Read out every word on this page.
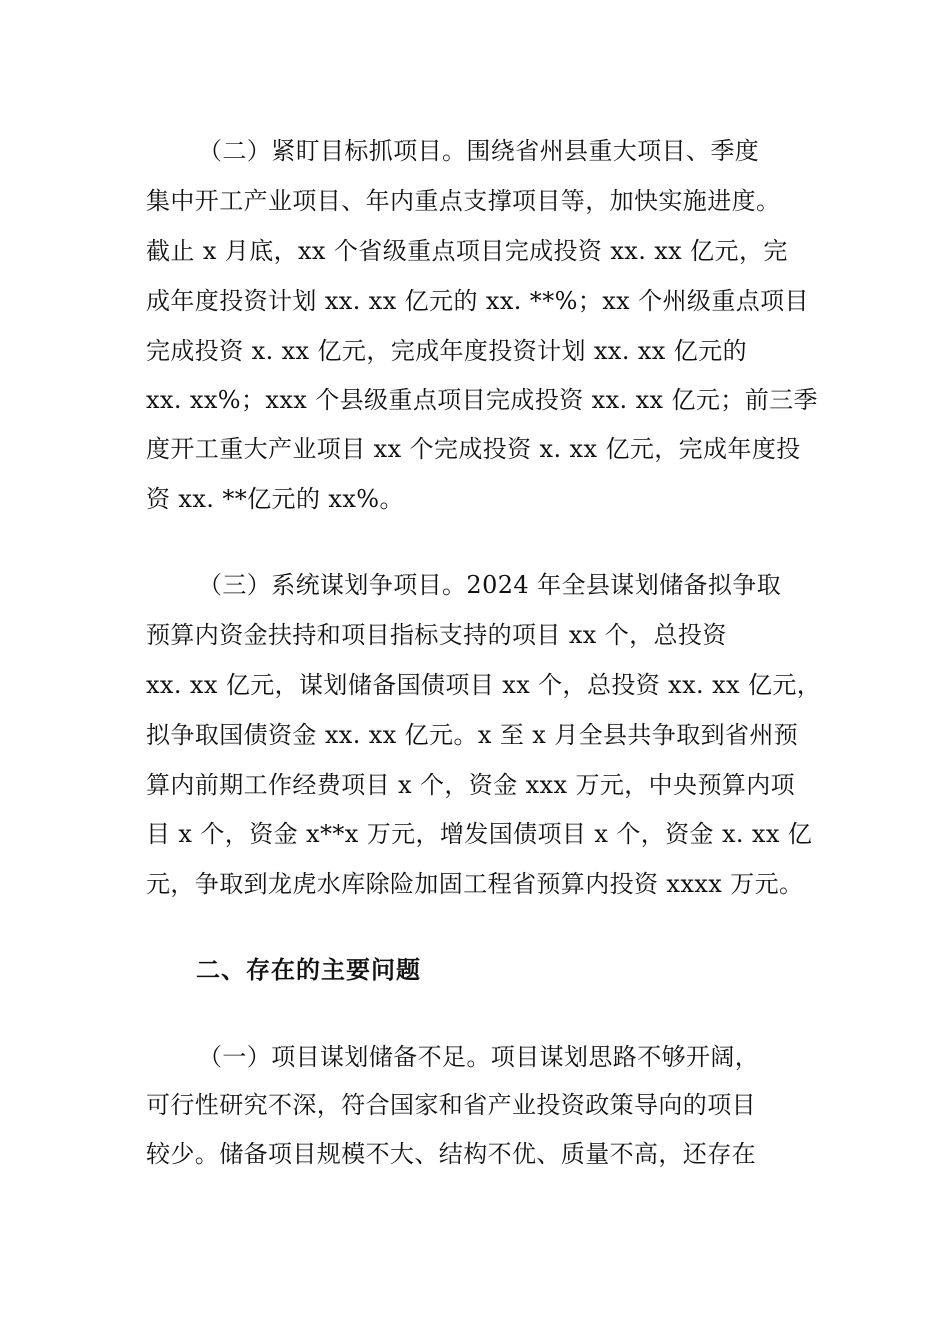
（二）紧盯目标抓项目。围绕省州县重大项目、季度
集中开工产业项目、年内重点支撑项目等，加快实施进度。
截止 x 月底，xx 个省级重点项目完成投资 xx. xx 亿元，完
成年度投资计划 xx. xx 亿元的 xx. **%；xx 个州级重点项目
完成投资 x. xx 亿元，完成年度投资计划 xx. xx 亿元的
xx. xx%；xxx 个县级重点项目完成投资 xx. xx 亿元；前三季
度开工重大产业项目 xx 个完成投资 x. xx 亿元，完成年度投
资 xx. **亿元的 xx%。
（三）系统谋划争项目。2024 年全县谋划储备拟争取
预算内资金扶持和项目指标支持的项目 xx 个，总投资
xx. xx 亿元，谋划储备国债项目 xx 个，总投资 xx. xx 亿元，
拟争取国债资金 xx. xx 亿元。x 至 x 月全县共争取到省州预
算内前期工作经费项目 x 个，资金 xxx 万元，中央预算内项
目 x 个，资金 x**x 万元，增发国债项目 x 个，资金 x. xx 亿
元，争取到龙虎水库除险加固工程省预算内投资 xxxx 万元。
二、存在的主要问题
（一）项目谋划储备不足。项目谋划思路不够开阔，
可行性研究不深，符合国家和省产业投资政策导向的项目
较少。储备项目规模不大、结构不优、质量不高，还存在
